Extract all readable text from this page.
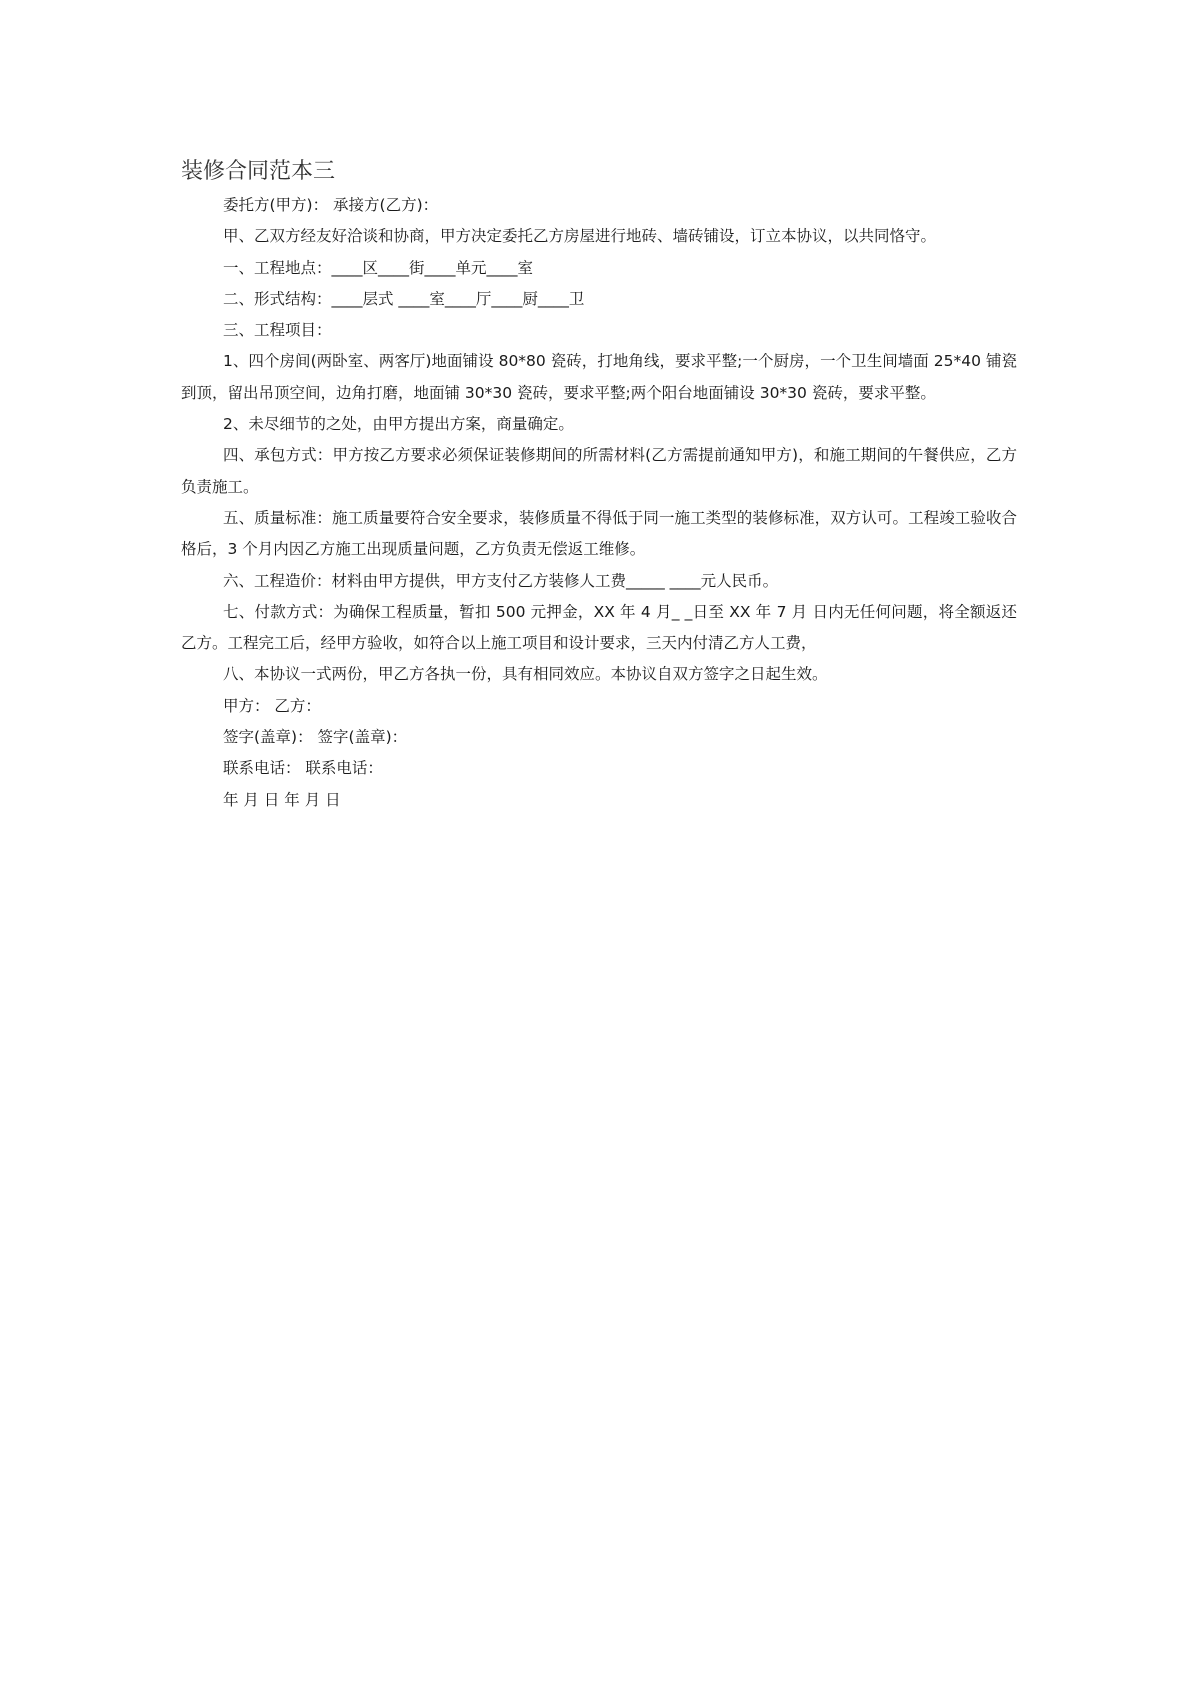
装修合同范本三

委托方(甲方)： 承接方(乙方)：

甲、乙双方经友好洽谈和协商，甲方决定委托乙方房屋进行地砖、墙砖铺设，订立本协议，以共同恪守。

一、工程地点：____区____街____单元____室

二、形式结构：____层式 ____室____厅____厨____卫

三、工程项目：

1、四个房间(两卧室、两客厅)地面铺设 80*80 瓷砖，打地角线，要求平整;一个厨房，一个卫生间墙面 25*40 铺瓷到顶，留出吊顶空间，边角打磨，地面铺 30*30 瓷砖，要求平整;两个阳台地面铺设 30*30 瓷砖，要求平整。

2、未尽细节的之处，由甲方提出方案，商量确定。

四、承包方式：甲方按乙方要求必须保证装修期间的所需材料(乙方需提前通知甲方)，和施工期间的午餐供应，乙方负责施工。

五、质量标准：施工质量要符合安全要求，装修质量不得低于同一施工类型的装修标准，双方认可。工程竣工验收合格后，3 个月内因乙方施工出现质量问题，乙方负责无偿返工维修。

六、工程造价：材料由甲方提供，甲方支付乙方装修人工费_____ ____元人民币。

七、付款方式：为确保工程质量，暂扣 500 元押金，XX 年 4 月_ _日至 XX 年 7 月 日内无任何问题，将全额返还乙方。工程完工后，经甲方验收，如符合以上施工项目和设计要求，三天内付清乙方人工费，

八、本协议一式两份，甲乙方各执一份，具有相同效应。本协议自双方签字之日起生效。

甲方： 乙方：

签字(盖章)： 签字(盖章)：

联系电话： 联系电话：

年 月 日 年 月 日
